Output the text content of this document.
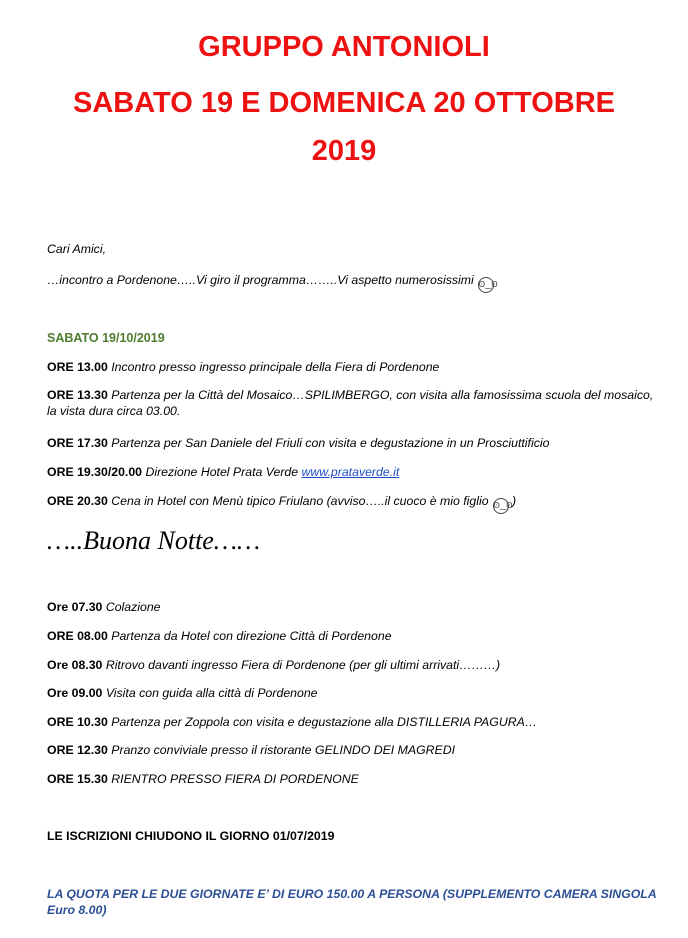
GRUPPO ANTONIOLI
SABATO 19 E DOMENICA 20 OTTOBRE
2019
Cari Amici,
…incontro a Pordenone…..Vi giro il programma……..Vi aspetto numerosissimi ʘ‿ʘ
SABATO 19/10/2019
ORE 13.00 Incontro presso ingresso principale della Fiera di Pordenone
ORE 13.30 Partenza per la Città del Mosaico…SPILIMBERGO, con visita alla famosissima scuola del mosaico, la vista dura circa 03.00.
ORE 17.30 Partenza per San Daniele del Friuli con visita e degustazione in un Prosciuttificio
ORE 19.30/20.00 Direzione Hotel Prata Verde www.prataverde.it
ORE 20.30 Cena in Hotel con Menù tipico Friulano (avviso…..il cuoco è mio figlio ʘ‿ʘ )
…..Buona Notte……
Ore 07.30 Colazione
ORE 08.00 Partenza da Hotel con direzione Città di Pordenone
Ore 08.30 Ritrovo davanti ingresso Fiera di Pordenone (per gli ultimi arrivati………)
Ore 09.00 Visita con guida alla città di Pordenone
ORE 10.30 Partenza per Zoppola con visita e degustazione alla DISTILLERIA PAGURA…
ORE 12.30 Pranzo conviviale presso il ristorante GELINDO DEI MAGREDI
ORE 15.30 RIENTRO PRESSO FIERA DI PORDENONE
LE ISCRIZIONI CHIUDONO IL GIORNO 01/07/2019
LA QUOTA PER LE DUE GIORNATE E’ DI EURO 150.00 A PERSONA (SUPPLEMENTO CAMERA SINGOLA Euro 8.00)
